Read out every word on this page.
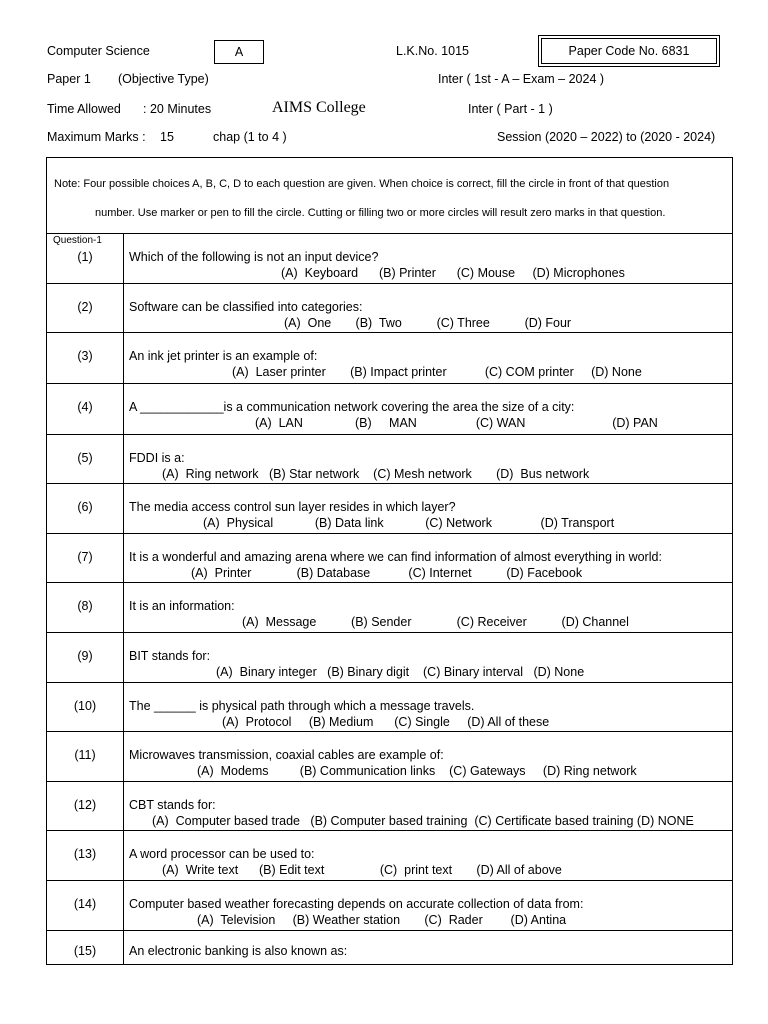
Computer Science	A	L.K.No. 1015	Paper Code No. 6831
Paper 1 (Objective Type)	Inter ( 1st - A – Exam – 2024 )
Time Allowed : 20 Minutes	AIMS College	Inter ( Part - 1 )
Maximum Marks : 15	chap (1 to 4 )	Session (2020 – 2022) to (2020 - 2024)
Note: Four possible choices A, B, C, D to each question are given. When choice is correct, fill the circle in front of that question
number. Use marker or pen to fill the circle. Cutting or filling two or more circles will result zero marks in that question.
Question-1
(1)	Which of the following is not an input device?
(A)  Keyboard      (B) Printer      (C) Mouse     (D) Microphones
(2)	Software can be classified into categories:
(A)  One       (B)  Two          (C) Three          (D) Four
(3)	An ink jet printer is an example of:
(A)  Laser printer       (B) Impact printer           (C) COM printer     (D) None
(4)	A ____________is a communication network covering the area the size of a city:
(A)  LAN               (B)     MAN                 (C) WAN                         (D) PAN
(5)	FDDI is a:
(A)  Ring network   (B) Star network    (C) Mesh network       (D)  Bus network
(6)	The media access control sun layer resides in which layer?
(A)  Physical            (B) Data link            (C) Network              (D) Transport
(7)	It is a wonderful and amazing arena where we can find information of almost everything in world:
(A)  Printer             (B) Database           (C) Internet          (D) Facebook
(8)	It is an information:
(A)  Message          (B) Sender             (C) Receiver          (D) Channel
(9)	BIT stands for:
(A)  Binary integer   (B) Binary digit    (C) Binary interval   (D) None
(10)	The ______ is physical path through which a message travels.
(A)  Protocol     (B) Medium      (C) Single     (D) All of these
(11)	Microwaves transmission, coaxial cables are example of:
(A)  Modems         (B) Communication links    (C) Gateways     (D) Ring network
(12)	CBT stands for:
(A)  Computer based trade   (B) Computer based training  (C) Certificate based training (D) NONE
(13)	A word processor can be used to:
(A)  Write text      (B) Edit text                (C)  print text       (D) All of above
(14)	Computer based weather forecasting depends on accurate collection of data from:
(A)  Television     (B) Weather station       (C)  Rader        (D) Antina
(15)	An electronic banking is also known as:
